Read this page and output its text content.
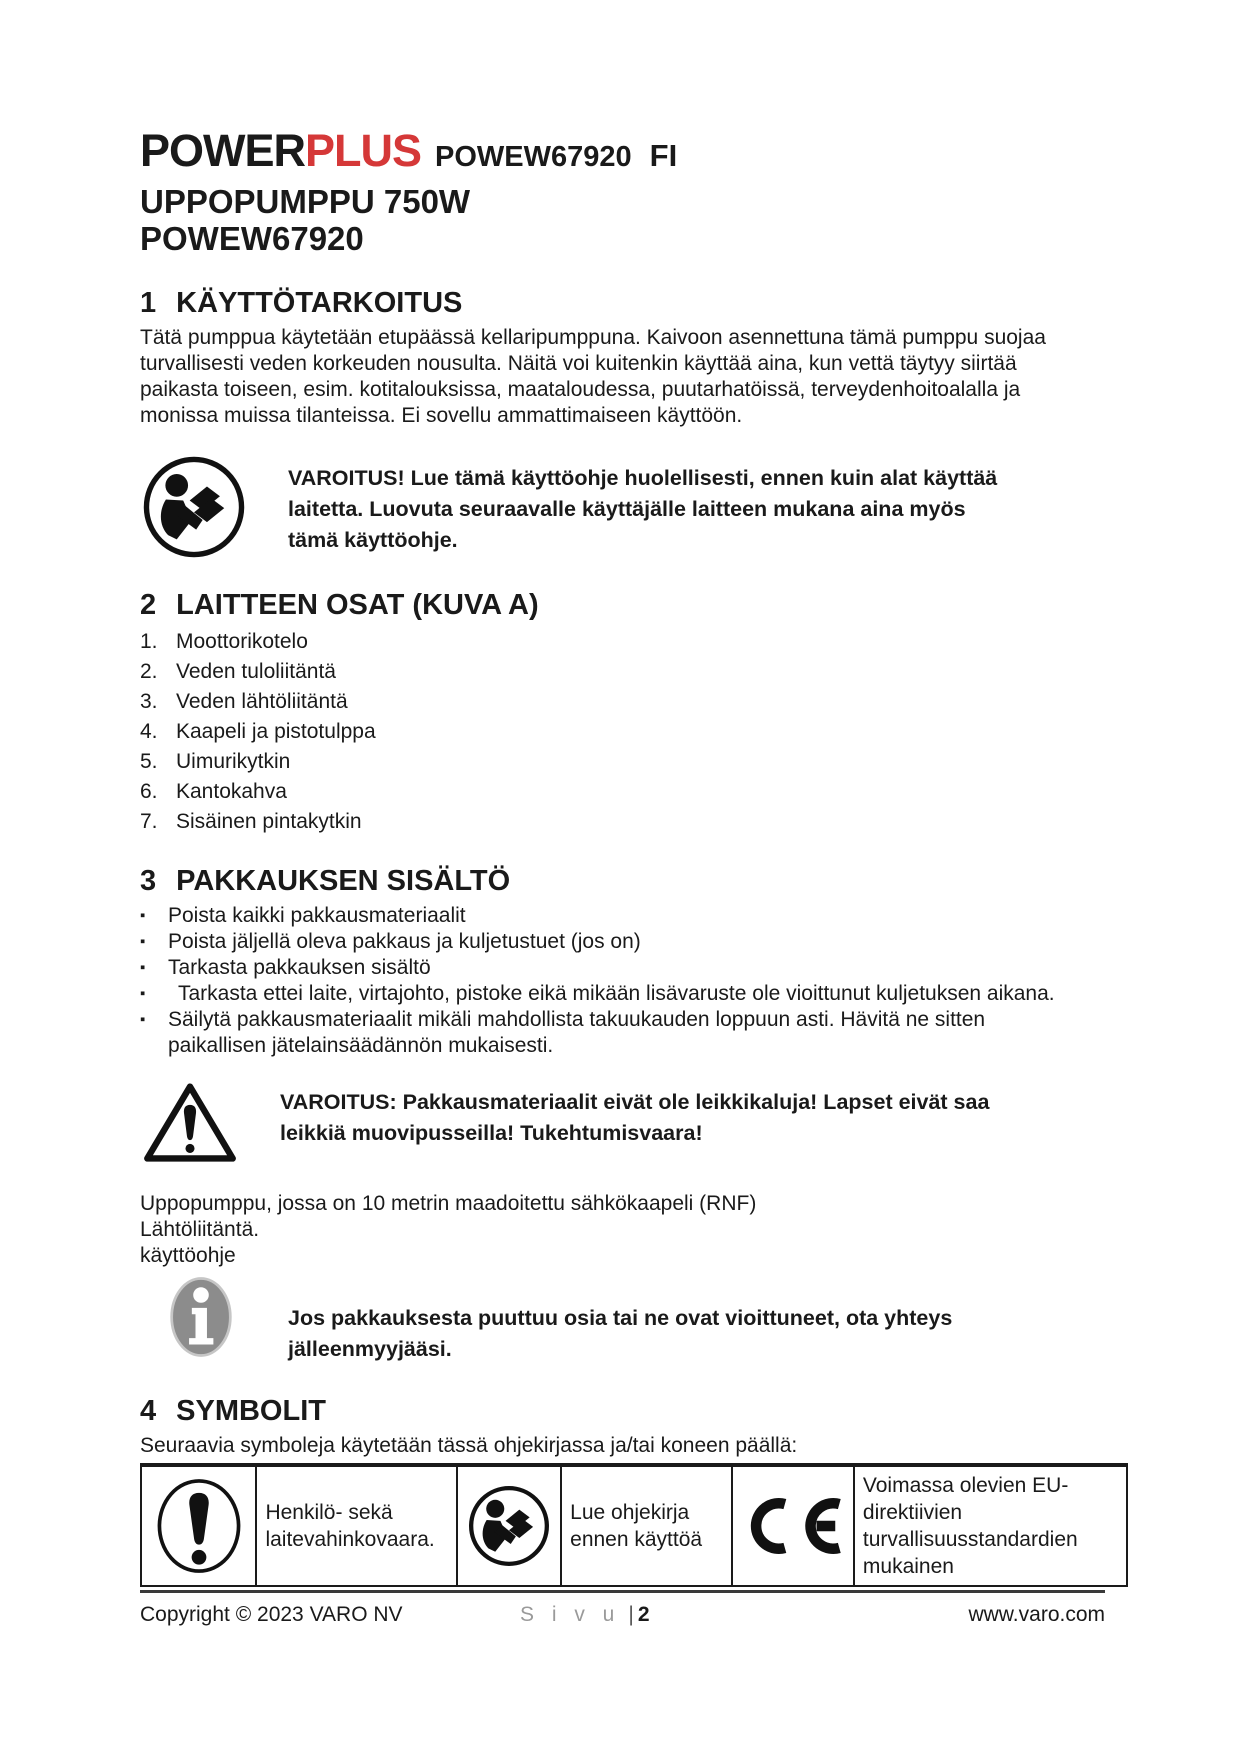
POWERPLUS POWEW67920 FI
UPPOPUMPPU 750W
POWEW67920
1 KÄYTTÖTARKOITUS
Tätä pumppua käytetään etupäässä kellaripumppuna. Kaivoon asennettuna tämä pumppu suojaa turvallisesti veden korkeuden nousulta. Näitä voi kuitenkin käyttää aina, kun vettä täytyy siirtää paikasta toiseen, esim. kotitalouksissa, maataloudessa, puutarhatöissä, terveydenhoitoalalla ja monissa muissa tilanteissa. Ei sovellu ammattimaiseen käyttöön.
VAROITUS! Lue tämä käyttöohje huolellisesti, ennen kuin alat käyttää laitetta. Luovuta seuraavalle käyttäjälle laitteen mukana aina myös tämä käyttöohje.
2 LAITTEEN OSAT (KUVA A)
1. Moottorikotelo
2. Veden tuloliitäntä
3. Veden lähtöliitäntä
4. Kaapeli ja pistotulppa
5. Uimurikytkin
6. Kantokahva
7. Sisäinen pintakytkin
3 PAKKAUKSEN SISÄLTÖ
▪	Poista kaikki pakkausmateriaalit
▪	Poista jäljellä oleva pakkaus ja kuljetustuet (jos on)
▪	Tarkasta pakkauksen sisältö
▪	Tarkasta ettei laite, virtajohto, pistoke eikä mikään lisävaruste ole vioittunut kuljetuksen aikana.
▪	Säilytä pakkausmateriaalit mikäli mahdollista takuukauden loppuun asti. Hävitä ne sitten paikallisen jätelainsäädännön mukaisesti.
VAROITUS: Pakkausmateriaalit eivät ole leikkikaluja! Lapset eivät saa leikkiä muovipusseilla! Tukehtumisvaara!
Uppopumppu, jossa on 10 metrin maadoitettu sähkökaapeli (RNF)
Lähtöliitäntä.
käyttöohje
Jos pakkauksesta puuttuu osia tai ne ovat vioittuneet, ota yhteys jälleenmyyjääsi.
4 SYMBOLIT
Seuraavia symboleja käytetään tässä ohjekirjassa ja/tai koneen päällä:

Henkilö- sekä laitevahinkovaara.

Lue ohjekirja ennen käyttöä

Voimassa olevien EU-direktiivien turvallisuusstandardien mukainen
Copyright © 2023 VARO NV	S i v u | 2	www.varo.com
